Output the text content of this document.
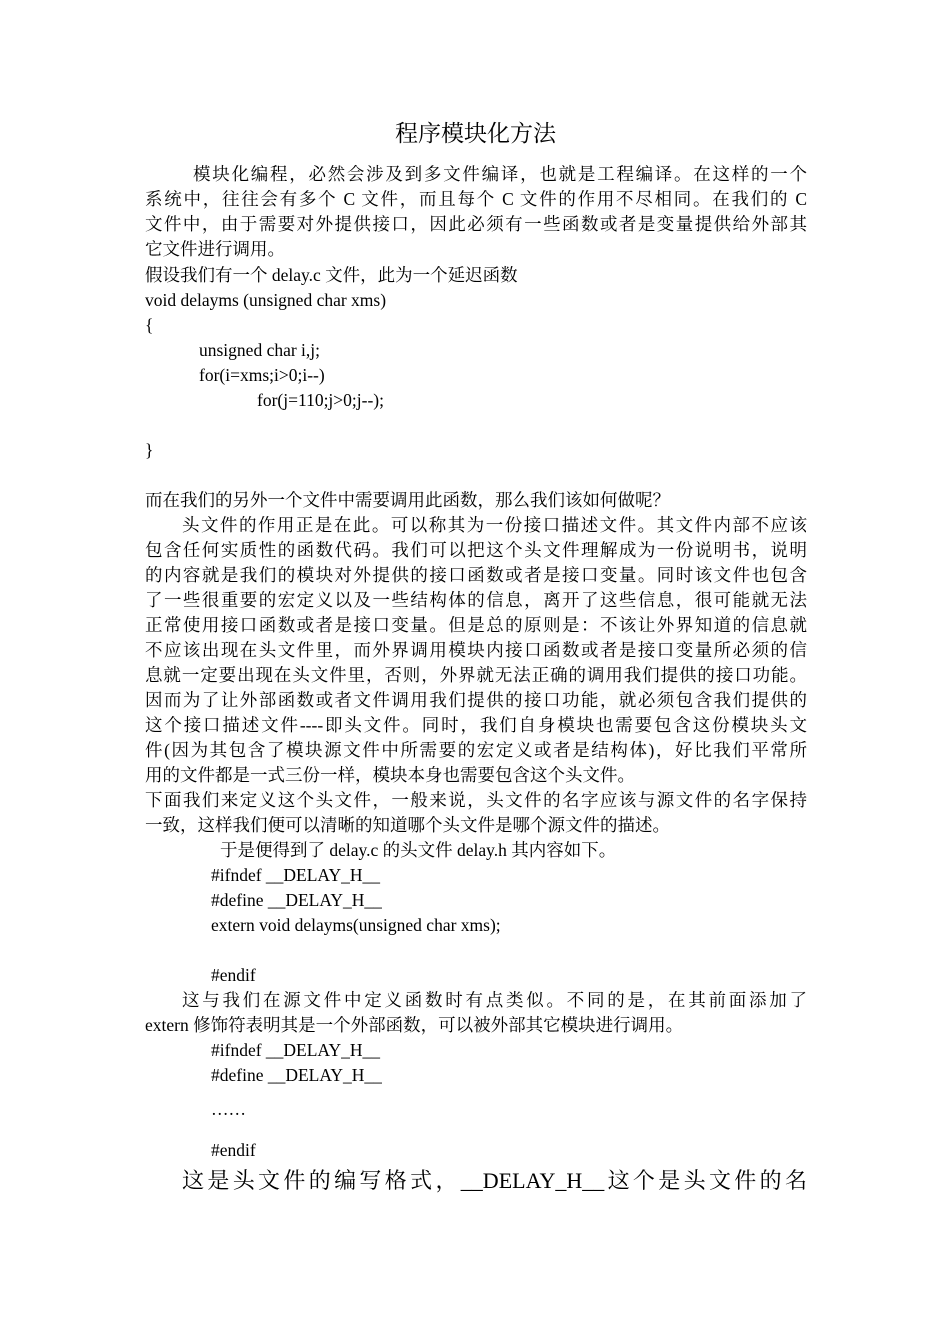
程序模块化方法
模块化编程，必然会涉及到多文件编译，也就是工程编译。在这样的一个
系统中，往往会有多个 C 文件，而且每个 C 文件的作用不尽相同。在我们的 C
文件中，由于需要对外提供接口，因此必须有一些函数或者是变量提供给外部其
它文件进行调用。
假设我们有一个 delay.c 文件，此为一个延迟函数
void delayms (unsigned char xms)
{
unsigned char i,j;
for(i=xms;i>0;i--)
for(j=110;j>0;j--);
}
而在我们的另外一个文件中需要调用此函数，那么我们该如何做呢？
头文件的作用正是在此。可以称其为一份接口描述文件。其文件内部不应该
包含任何实质性的函数代码。我们可以把这个头文件理解成为一份说明书，说明
的内容就是我们的模块对外提供的接口函数或者是接口变量。同时该文件也包含
了一些很重要的宏定义以及一些结构体的信息，离开了这些信息，很可能就无法
正常使用接口函数或者是接口变量。但是总的原则是：不该让外界知道的信息就
不应该出现在头文件里，而外界调用模块内接口函数或者是接口变量所必须的信
息就一定要出现在头文件里，否则，外界就无法正确的调用我们提供的接口功能。
因而为了让外部函数或者文件调用我们提供的接口功能，就必须包含我们提供的
这个接口描述文件----即头文件。同时，我们自身模块也需要包含这份模块头文
件(因为其包含了模块源文件中所需要的宏定义或者是结构体)，好比我们平常所
用的文件都是一式三份一样，模块本身也需要包含这个头文件。
下面我们来定义这个头文件，一般来说，头文件的名字应该与源文件的名字保持
一致，这样我们便可以清晰的知道哪个头文件是哪个源文件的描述。
于是便得到了 delay.c 的头文件 delay.h 其内容如下。
#ifndef __DELAY_H__
#define __DELAY_H__
extern void delayms(unsigned char xms);
#endif
这与我们在源文件中定义函数时有点类似。不同的是，在其前面添加了
extern 修饰符表明其是一个外部函数，可以被外部其它模块进行调用。
#ifndef __DELAY_H__
#define __DELAY_H__
……
#endif
这是头文件的编写格式，__DELAY_H__这个是头文件的名
